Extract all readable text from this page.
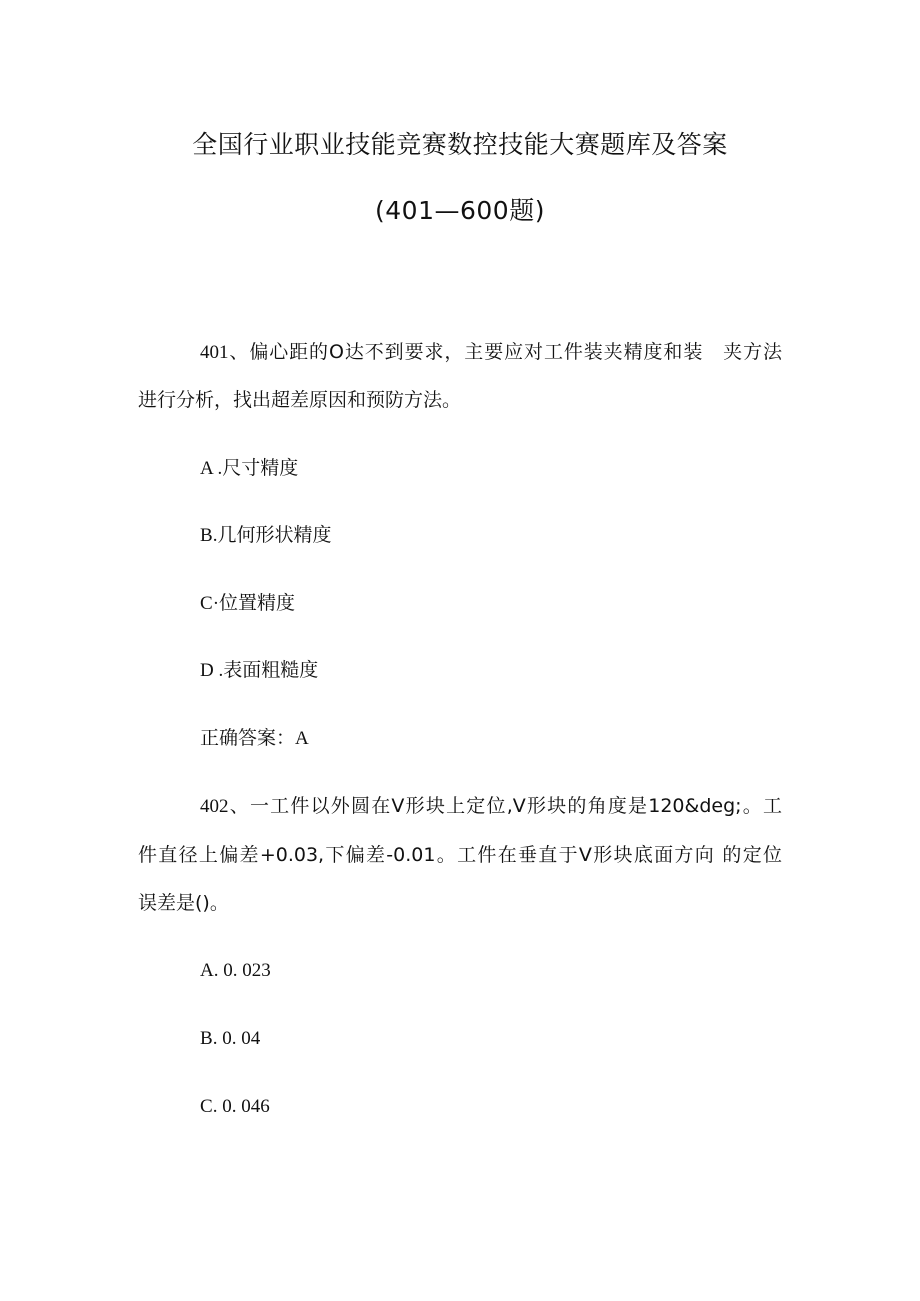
全国行业职业技能竞赛数控技能大赛题库及答案
(401—600题)
401、偏心距的O达不到要求，主要应对工件装夹精度和装　夹方法
进行分析，找出超差原因和预防方法。
A .尺寸精度
B.几何形状精度
C·位置精度
D .表面粗糙度
正确答案：A
402、一工件以外圆在V形块上定位,V形块的角度是120&deg;。工
件直径上偏差+0.03,下偏差-0.01。工件在垂直于V形块底面方向 的定位
误差是()。
A. 0. 023
B. 0. 04
C. 0. 046
